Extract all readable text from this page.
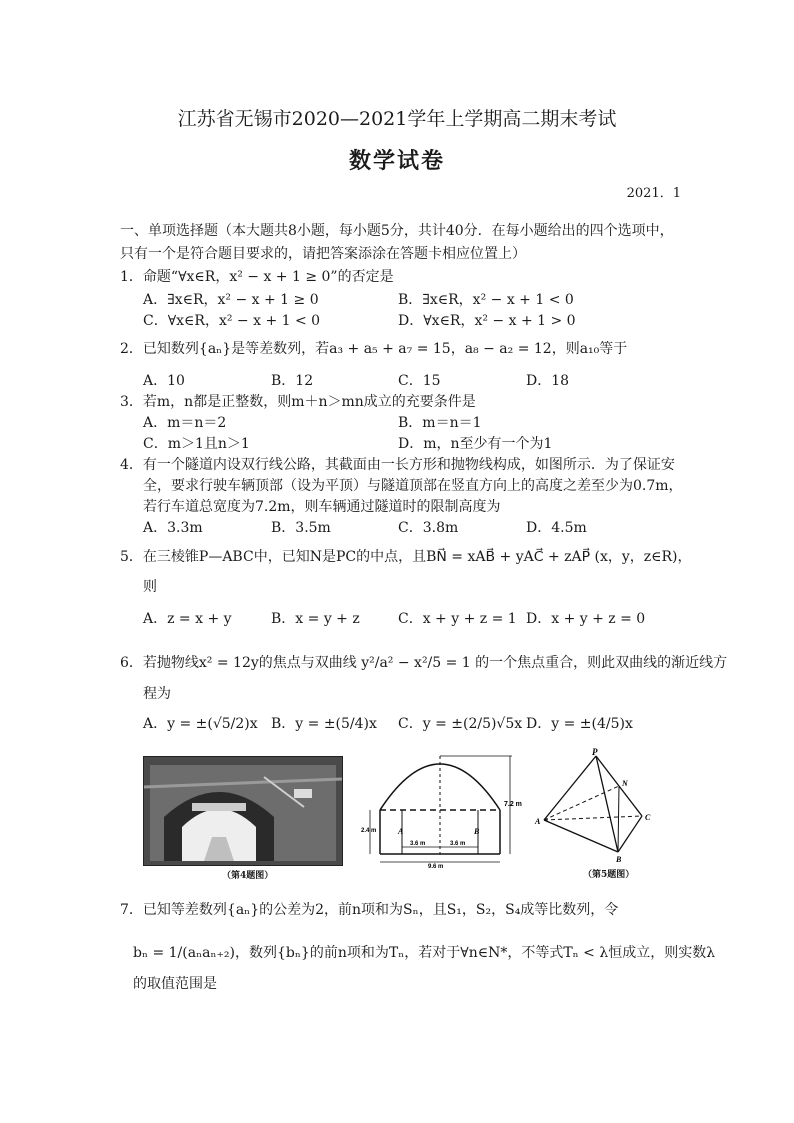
江苏省无锡市2020—2021学年上学期高二期末考试
数学试卷
2021．1
一、单项选择题（本大题共8小题，每小题5分，共计40分．在每小题给出的四个选项中，
只有一个是符合题目要求的，请把答案添涂在答题卡相应位置上）
1．命题“∀x∈R，x² − x + 1 ≥ 0”的否定是
A．∃x∈R，x² − x + 1 ≥ 0	B．∃x∈R，x² − x + 1 < 0
C．∀x∈R，x² − x + 1 < 0	D．∀x∈R，x² − x + 1 > 0
2．已知数列{aₙ}是等差数列，若a₃ + a₅ + a₇ = 15，a₈ − a₂ = 12，则a₁₀等于
A．10	B．12	C．15	D．18
3．若m，n都是正整数，则m＋n＞mn成立的充要条件是
A．m＝n＝2	B．m＝n＝1
C．m＞1且n＞1	D．m，n至少有一个为1
4．有一个隧道内设双行线公路，其截面由一长方形和抛物线构成，如图所示．为了保证安
全，要求行驶车辆顶部（设为平顶）与隧道顶部在竖直方向上的高度之差至少为0.7m，
若行车道总宽度为7.2m，则车辆通过隧道时的限制高度为
A．3.3m	B．3.5m	C．3.8m	D．4.5m
5．在三棱锥P—ABC中，已知N是PC的中点，且BN⃗ = xAB⃗ + yAC⃗ + zAP⃗ (x，y，z∈R)，
则
A．z = x + y	B．x = y + z	C．x + y + z = 1 D．x + y + z = 0
6．若抛物线x² = 12y的焦点与双曲线 y²/a² − x²/5 = 1 的一个焦点重合，则此双曲线的渐近线方
程为
A．y = ±(√5/2)x B．y = ±(5/4)x C．y = ±(2/5)√5x D．y = ±(4/5)x
（第4题图）
7.2 m
2.4 m	A	B
3.6 m	3.6 m
9.6 m
P
N
C
A
B
（第5题图）
7．已知等差数列{aₙ}的公差为2，前n项和为Sₙ，且S₁，S₂，S₄成等比数列，令
bₙ = 1/(aₙaₙ₊₂)，数列{bₙ}的前n项和为Tₙ，若对于∀n∈N*，不等式Tₙ < λ恒成立，则实数λ
的取值范围是
